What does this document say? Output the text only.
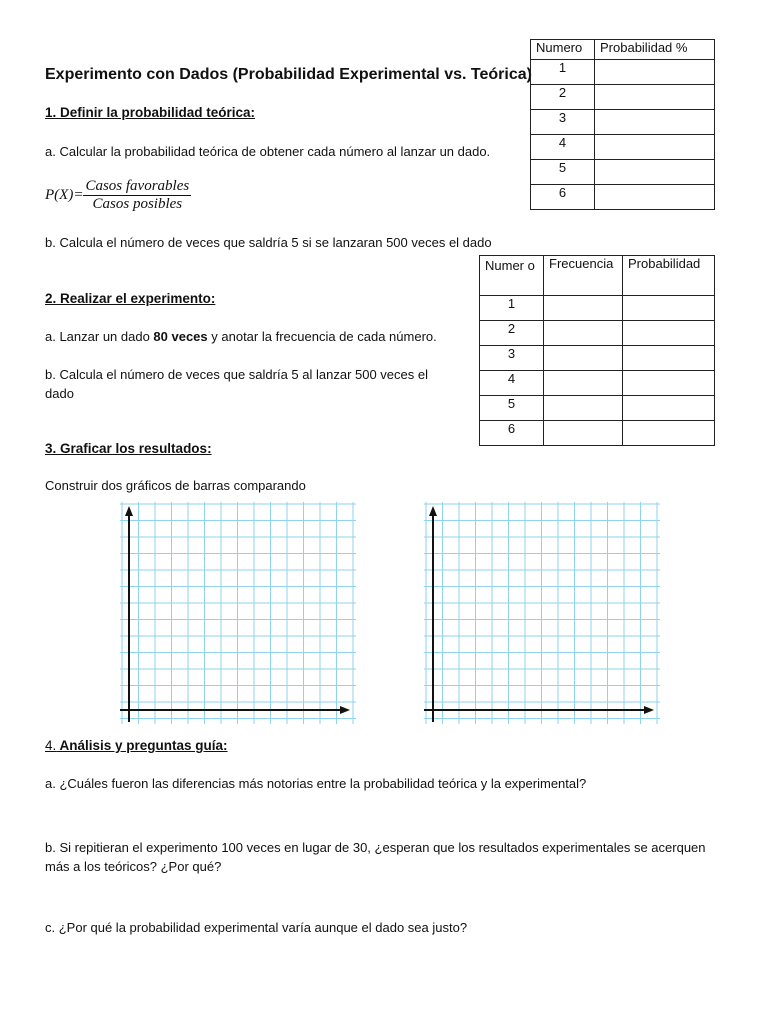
Experimento con Dados (Probabilidad Experimental vs. Teórica)
1. Definir la probabilidad teórica:
a. Calcular la probabilidad teórica de obtener cada número al lanzar un dado.
$P(X)= \frac{\text{Casos favorables}}{\text{Casos posibles}}$
b. Calcula el número de veces que saldría 5 si se lanzaran 500 veces el dado
2. Realizar el experimento:
a. Lanzar un dado 80 veces y anotar la frecuencia de cada número.
b. Calcula el número de veces que saldría 5 al lanzar 500 veces el dado
3. Graficar los resultados:
Construir dos gráficos de barras comparando
Numero	Probabilidad %
1	
2	
3	
4	
5	
6	
Numer o	Frecuencia	Probabilidad
1		
2		
3		
4		
5		
6		
4. Análisis y preguntas guía:
a. ¿Cuáles fueron las diferencias más notorias entre la probabilidad teórica y la experimental?
b. Si repitieran el experimento 100 veces en lugar de 30, ¿esperan que los resultados experimentales se acerquen más a los teóricos? ¿Por qué?
c. ¿Por qué la probabilidad experimental varía aunque el dado sea justo?
